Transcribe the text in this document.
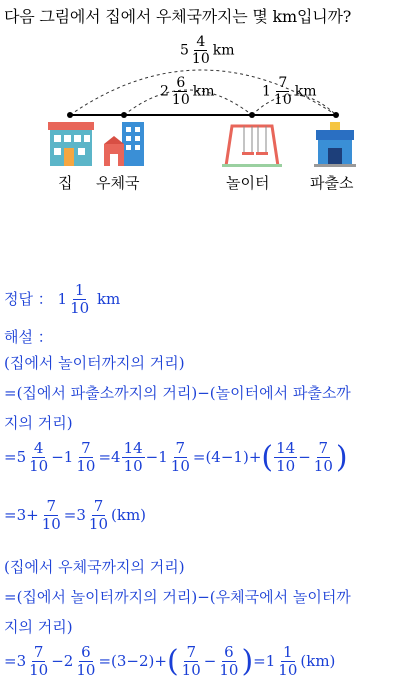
다음 그림에서 집에서 우체국까지는 몇 km입니까?
$5 \frac{4}{10}$ km
$2 \frac{6}{10}$ km	$1 \frac{7}{10}$ km
집 우체국	놀이터	파출소
정답 ： $1 \frac{1}{10}$ km
해설 ：
(집에서 놀이터까지의 거리)
=(집에서 파출소까지의 거리)−(놀이터에서 파출소까
지의 거리)
$=5 \frac{4}{10} -1 \frac{7}{10} =4 \frac{14}{10} -1 \frac{7}{10} =(4-1)+( \frac{14}{10} - \frac{7}{10}$ )
$=3+ \frac{7}{10} =3 \frac{7}{10} (km)$
(집에서 우체국까지의 거리)
=(집에서 놀이터까지의 거리)−(우체국에서 놀이터까
지의 거리)
$=3 \frac{7}{10} -2 \frac{6}{10} =(3-2)+( \frac{7}{10} - \frac{6}{10} )=1 \frac{1}{10} (km)$
